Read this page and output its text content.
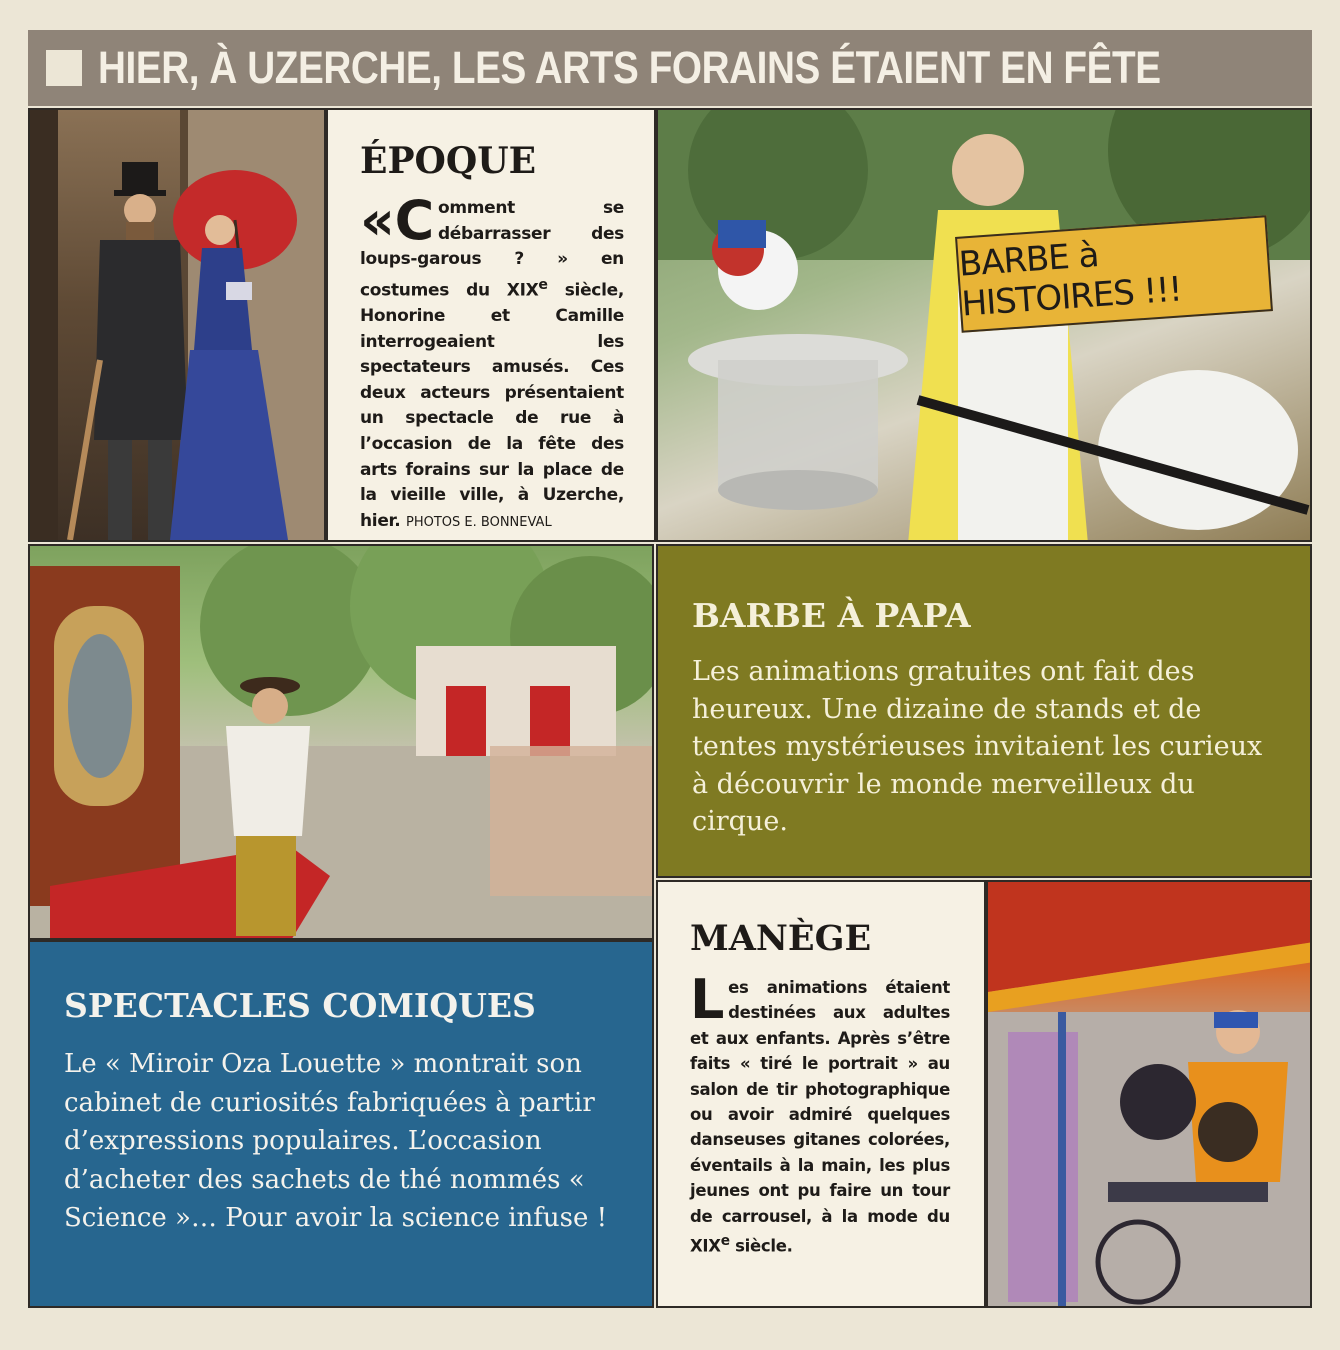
HIER, À UZERCHE, LES ARTS FORAINS ÉTAIENT EN FÊTE
ÉPOQUE

«C omment se débarrasser des loups-garous ? » en costumes du XIXe siècle, Honorine et Camille interrogeaient les spectateurs amusés. Ces deux acteurs présentaient un spectacle de rue à l’occasion de la fête des arts forains sur la place de la vieille ville, à Uzerche, hier. PHOTOS E. BONNEVAL

BARBE à HISTOIRES !!!
BARBE À PAPA

Les animations gratuites ont fait des heureux. Une dizaine de stands et de tentes mystérieuses invitaient les curieux à découvrir le monde merveilleux du cirque.

SPECTACLES COMIQUES

Le « Miroir Oza Louette » montrait son cabinet de curiosités fabriquées à partir d’expressions populaires. L’occasion d’acheter des sachets de thé nommés « Science »… Pour avoir la science infuse !

MANÈGE

Les animations étaient destinées aux adultes et aux enfants. Après s’être faits « tiré le portrait » au salon de tir photographique ou avoir admiré quelques danseuses gitanes colorées, éventails à la main, les plus jeunes ont pu faire un tour de carrousel, à la mode du XIXe siècle.
